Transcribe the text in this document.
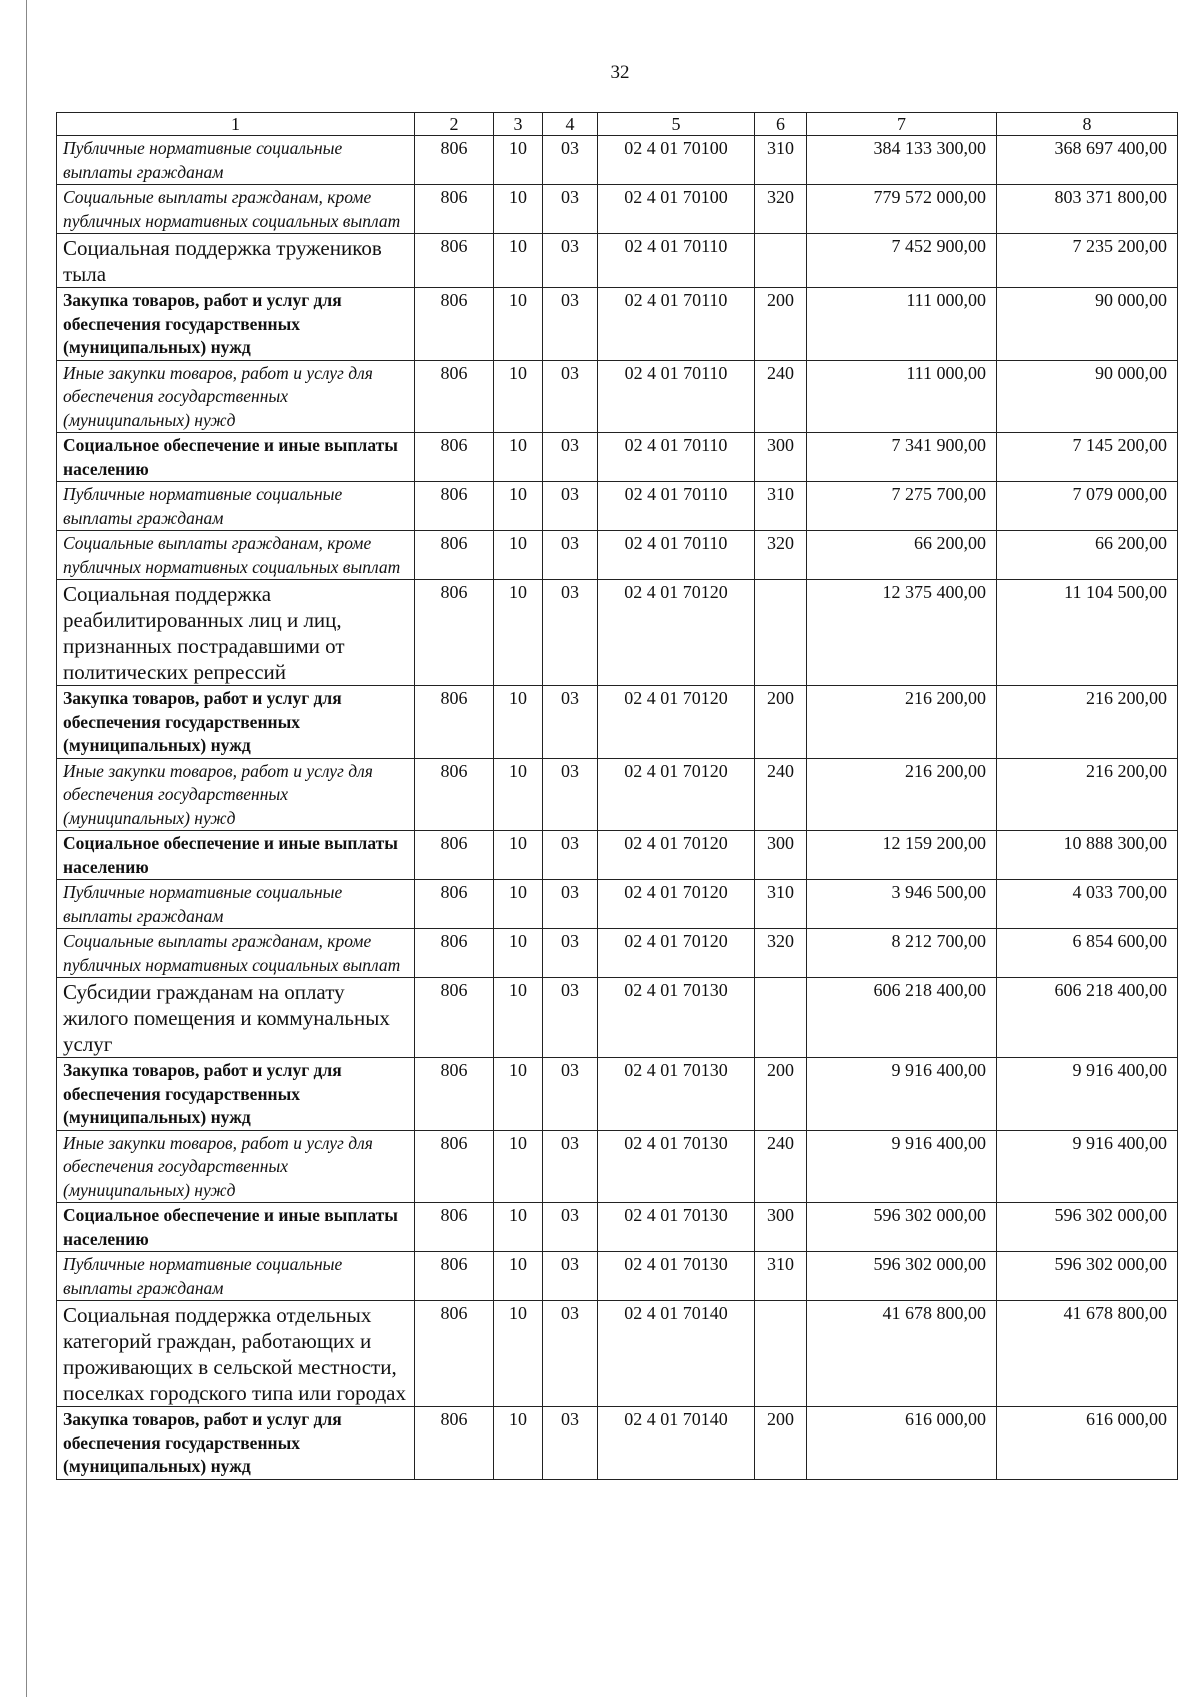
32
1	2	3	4	5	6	7	8
Публичные нормативные социальные выплаты гражданам	806	10	03	02 4 01 70100	310	384 133 300,00	368 697 400,00
Социальные выплаты гражданам, кроме публичных нормативных социальных выплат	806	10	03	02 4 01 70100	320	779 572 000,00	803 371 800,00
Социальная поддержка тружеников тыла	806	10	03	02 4 01 70110		7 452 900,00	7 235 200,00
Закупка товаров, работ и услуг для обеспечения государственных (муниципальных) нужд	806	10	03	02 4 01 70110	200	111 000,00	90 000,00
Иные закупки товаров, работ и услуг для обеспечения государственных (муниципальных) нужд	806	10	03	02 4 01 70110	240	111 000,00	90 000,00
Социальное обеспечение и иные выплаты населению	806	10	03	02 4 01 70110	300	7 341 900,00	7 145 200,00
Публичные нормативные социальные выплаты гражданам	806	10	03	02 4 01 70110	310	7 275 700,00	7 079 000,00
Социальные выплаты гражданам, кроме публичных нормативных социальных выплат	806	10	03	02 4 01 70110	320	66 200,00	66 200,00
Социальная поддержка реабилитированных лиц и лиц, признанных пострадавшими от политических репрессий	806	10	03	02 4 01 70120		12 375 400,00	11 104 500,00
Закупка товаров, работ и услуг для обеспечения государственных (муниципальных) нужд	806	10	03	02 4 01 70120	200	216 200,00	216 200,00
Иные закупки товаров, работ и услуг для обеспечения государственных (муниципальных) нужд	806	10	03	02 4 01 70120	240	216 200,00	216 200,00
Социальное обеспечение и иные выплаты населению	806	10	03	02 4 01 70120	300	12 159 200,00	10 888 300,00
Публичные нормативные социальные выплаты гражданам	806	10	03	02 4 01 70120	310	3 946 500,00	4 033 700,00
Социальные выплаты гражданам, кроме публичных нормативных социальных выплат	806	10	03	02 4 01 70120	320	8 212 700,00	6 854 600,00
Субсидии гражданам на оплату жилого помещения и коммунальных услуг	806	10	03	02 4 01 70130		606 218 400,00	606 218 400,00
Закупка товаров, работ и услуг для обеспечения государственных (муниципальных) нужд	806	10	03	02 4 01 70130	200	9 916 400,00	9 916 400,00
Иные закупки товаров, работ и услуг для обеспечения государственных (муниципальных) нужд	806	10	03	02 4 01 70130	240	9 916 400,00	9 916 400,00
Социальное обеспечение и иные выплаты населению	806	10	03	02 4 01 70130	300	596 302 000,00	596 302 000,00
Публичные нормативные социальные выплаты гражданам	806	10	03	02 4 01 70130	310	596 302 000,00	596 302 000,00
Социальная поддержка отдельных категорий граждан, работающих и проживающих в сельской местности, поселках городского типа или городах	806	10	03	02 4 01 70140		41 678 800,00	41 678 800,00
Закупка товаров, работ и услуг для обеспечения государственных (муниципальных) нужд	806	10	03	02 4 01 70140	200	616 000,00	616 000,00
